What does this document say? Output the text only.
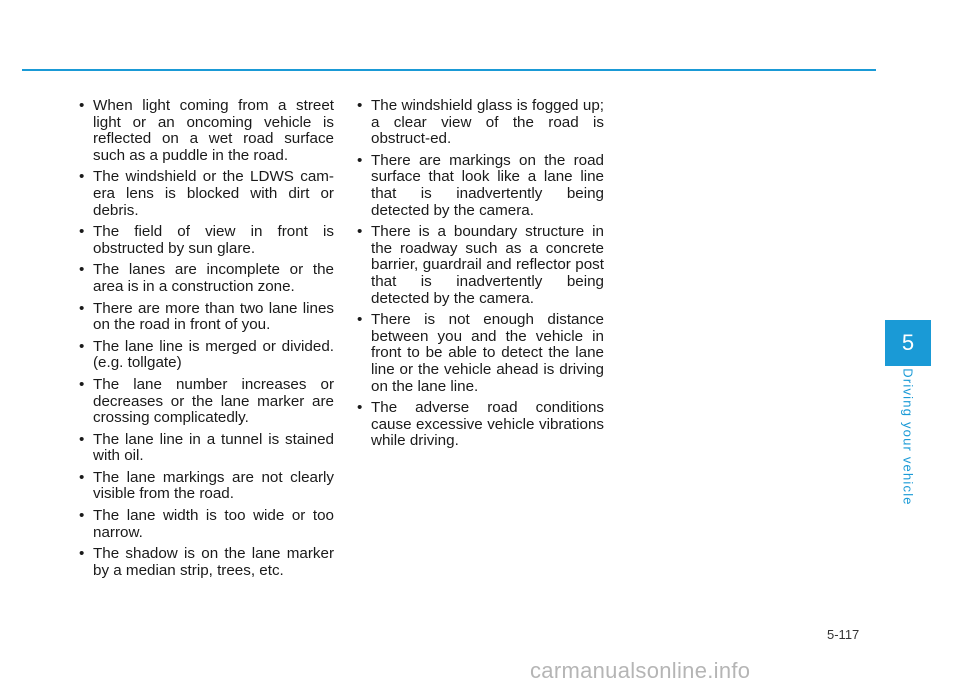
• When light coming from a street light or an oncoming vehicle is reflected on a wet road surface such as a puddle in the road.
• The windshield or the LDWS cam-era lens is blocked with dirt or debris.
• The field of view in front is obstructed by sun glare.
• The lanes are incomplete or the area is in a construction zone.
• There are more than two lane lines on the road in front of you.
• The lane line is merged or divided. (e.g. tollgate)
• The lane number increases or decreases or the lane marker are crossing complicatedly.
• The lane line in a tunnel is stained with oil.
• The lane markings are not clearly visible from the road.
• The lane width is too wide or too narrow.
• The shadow is on the lane marker by a median strip, trees, etc.
• The windshield glass is fogged up; a clear view of the road is obstruct-ed.
• There are markings on the road surface that look like a lane line that is inadvertently being detected by the camera.
• There is a boundary structure in the roadway such as a concrete barrier, guardrail and reflector post that is inadvertently being detected by the camera.
• There is not enough distance between you and the vehicle in front to be able to detect the lane line or the vehicle ahead is driving on the lane line.
• The adverse road conditions cause excessive vehicle vibrations while driving.
5
Driving your vehicle
5-117
carmanualsonline.info
